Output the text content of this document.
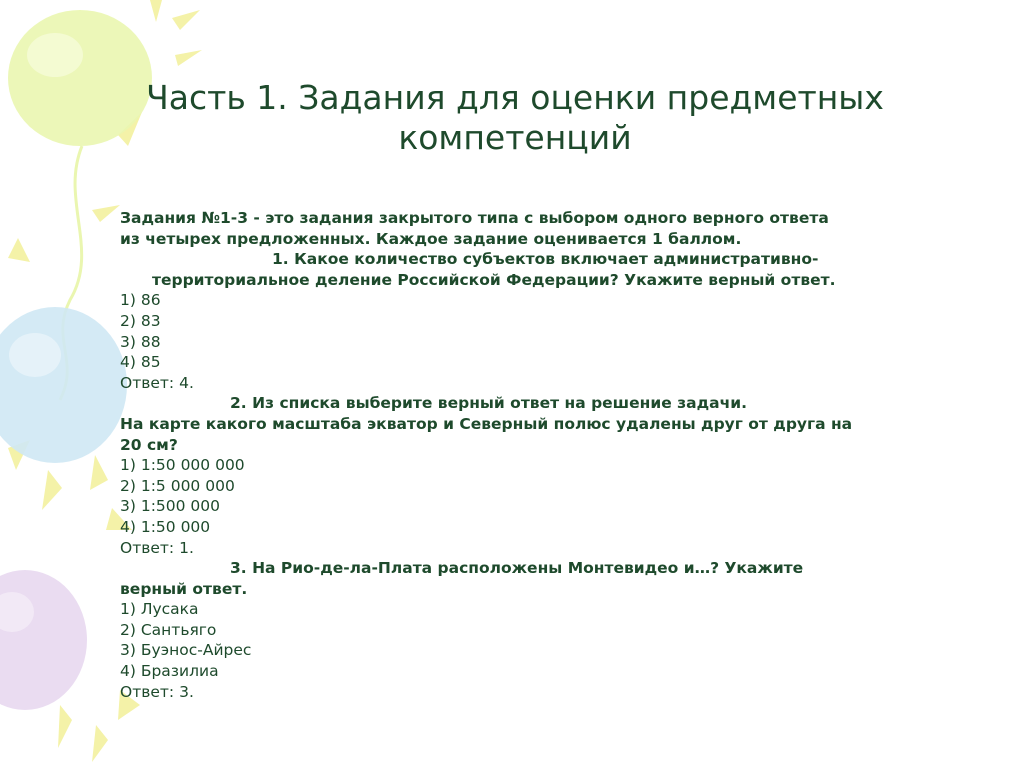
Часть 1. Задания для оценки предметных компетенций
Задания №1-3 - это задания закрытого типа с выбором одного верного ответа
из четырех предложенных. Каждое задание оценивается 1 баллом.
1. Какое количество субъектов включает административно-
территориальное деление Российской Федерации? Укажите верный ответ.
1) 86
2) 83
3) 88
4) 85
Ответ: 4.
2. Из списка выберите верный ответ на решение задачи.
На карте какого масштаба экватор и Северный полюс удалены друг от друга на
20 см?
1) 1:50 000 000
2) 1:5 000 000
3) 1:500 000
4) 1:50 000
Ответ: 1.
3. На Рио-де-ла-Плата расположены Монтевидео и…? Укажите
верный ответ.
1) Лусака
2) Сантьяго
3) Буэнос-Айрес
4) Бразилиа
Ответ: 3.
